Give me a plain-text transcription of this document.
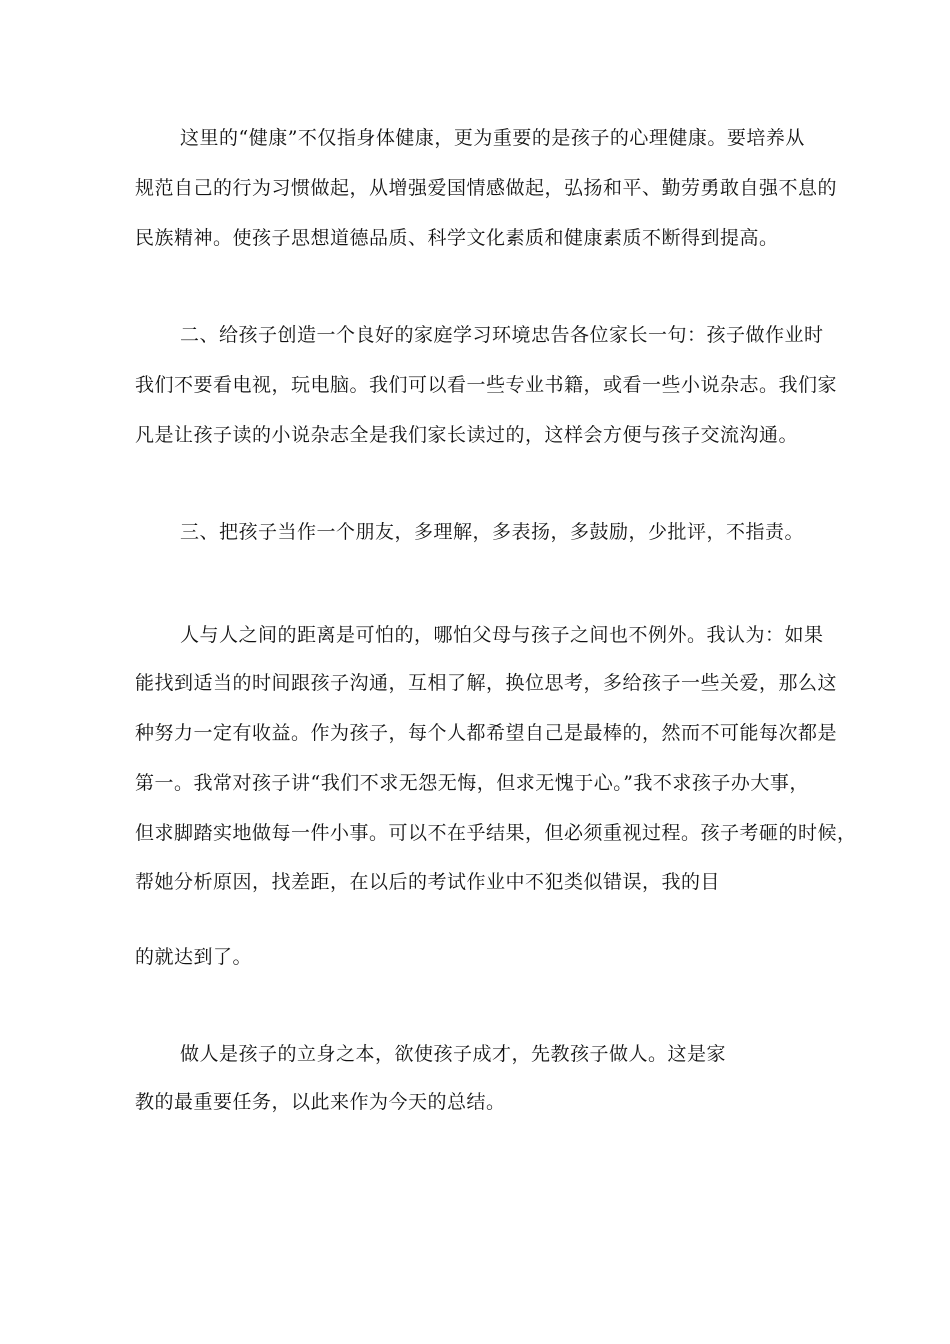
这里的“健康”不仅指身体健康，更为重要的是孩子的心理健康。要培养从
规范自己的行为习惯做起，从增强爱国情感做起，弘扬和平、勤劳勇敢自强不息的
民族精神。使孩子思想道德品质、科学文化素质和健康素质不断得到提高。
二、给孩子创造一个良好的家庭学习环境忠告各位家长一句：孩子做作业时
我们不要看电视，玩电脑。我们可以看一些专业书籍，或看一些小说杂志。我们家
凡是让孩子读的小说杂志全是我们家长读过的，这样会方便与孩子交流沟通。
三、把孩子当作一个朋友，多理解，多表扬，多鼓励，少批评，不指责。
人与人之间的距离是可怕的，哪怕父母与孩子之间也不例外。我认为：如果
能找到适当的时间跟孩子沟通，互相了解，换位思考，多给孩子一些关爱，那么这
种努力一定有收益。作为孩子，每个人都希望自己是最棒的，然而不可能每次都是
第一。我常对孩子讲“我们不求无怨无悔，但求无愧于心。”我不求孩子办大事，
但求脚踏实地做每一件小事。可以不在乎结果，但必须重视过程。孩子考砸的时候，
帮她分析原因，找差距，在以后的考试作业中不犯类似错误，我的目
的就达到了。
做人是孩子的立身之本，欲使孩子成才，先教孩子做人。这是家
教的最重要任务，以此来作为今天的总结。
